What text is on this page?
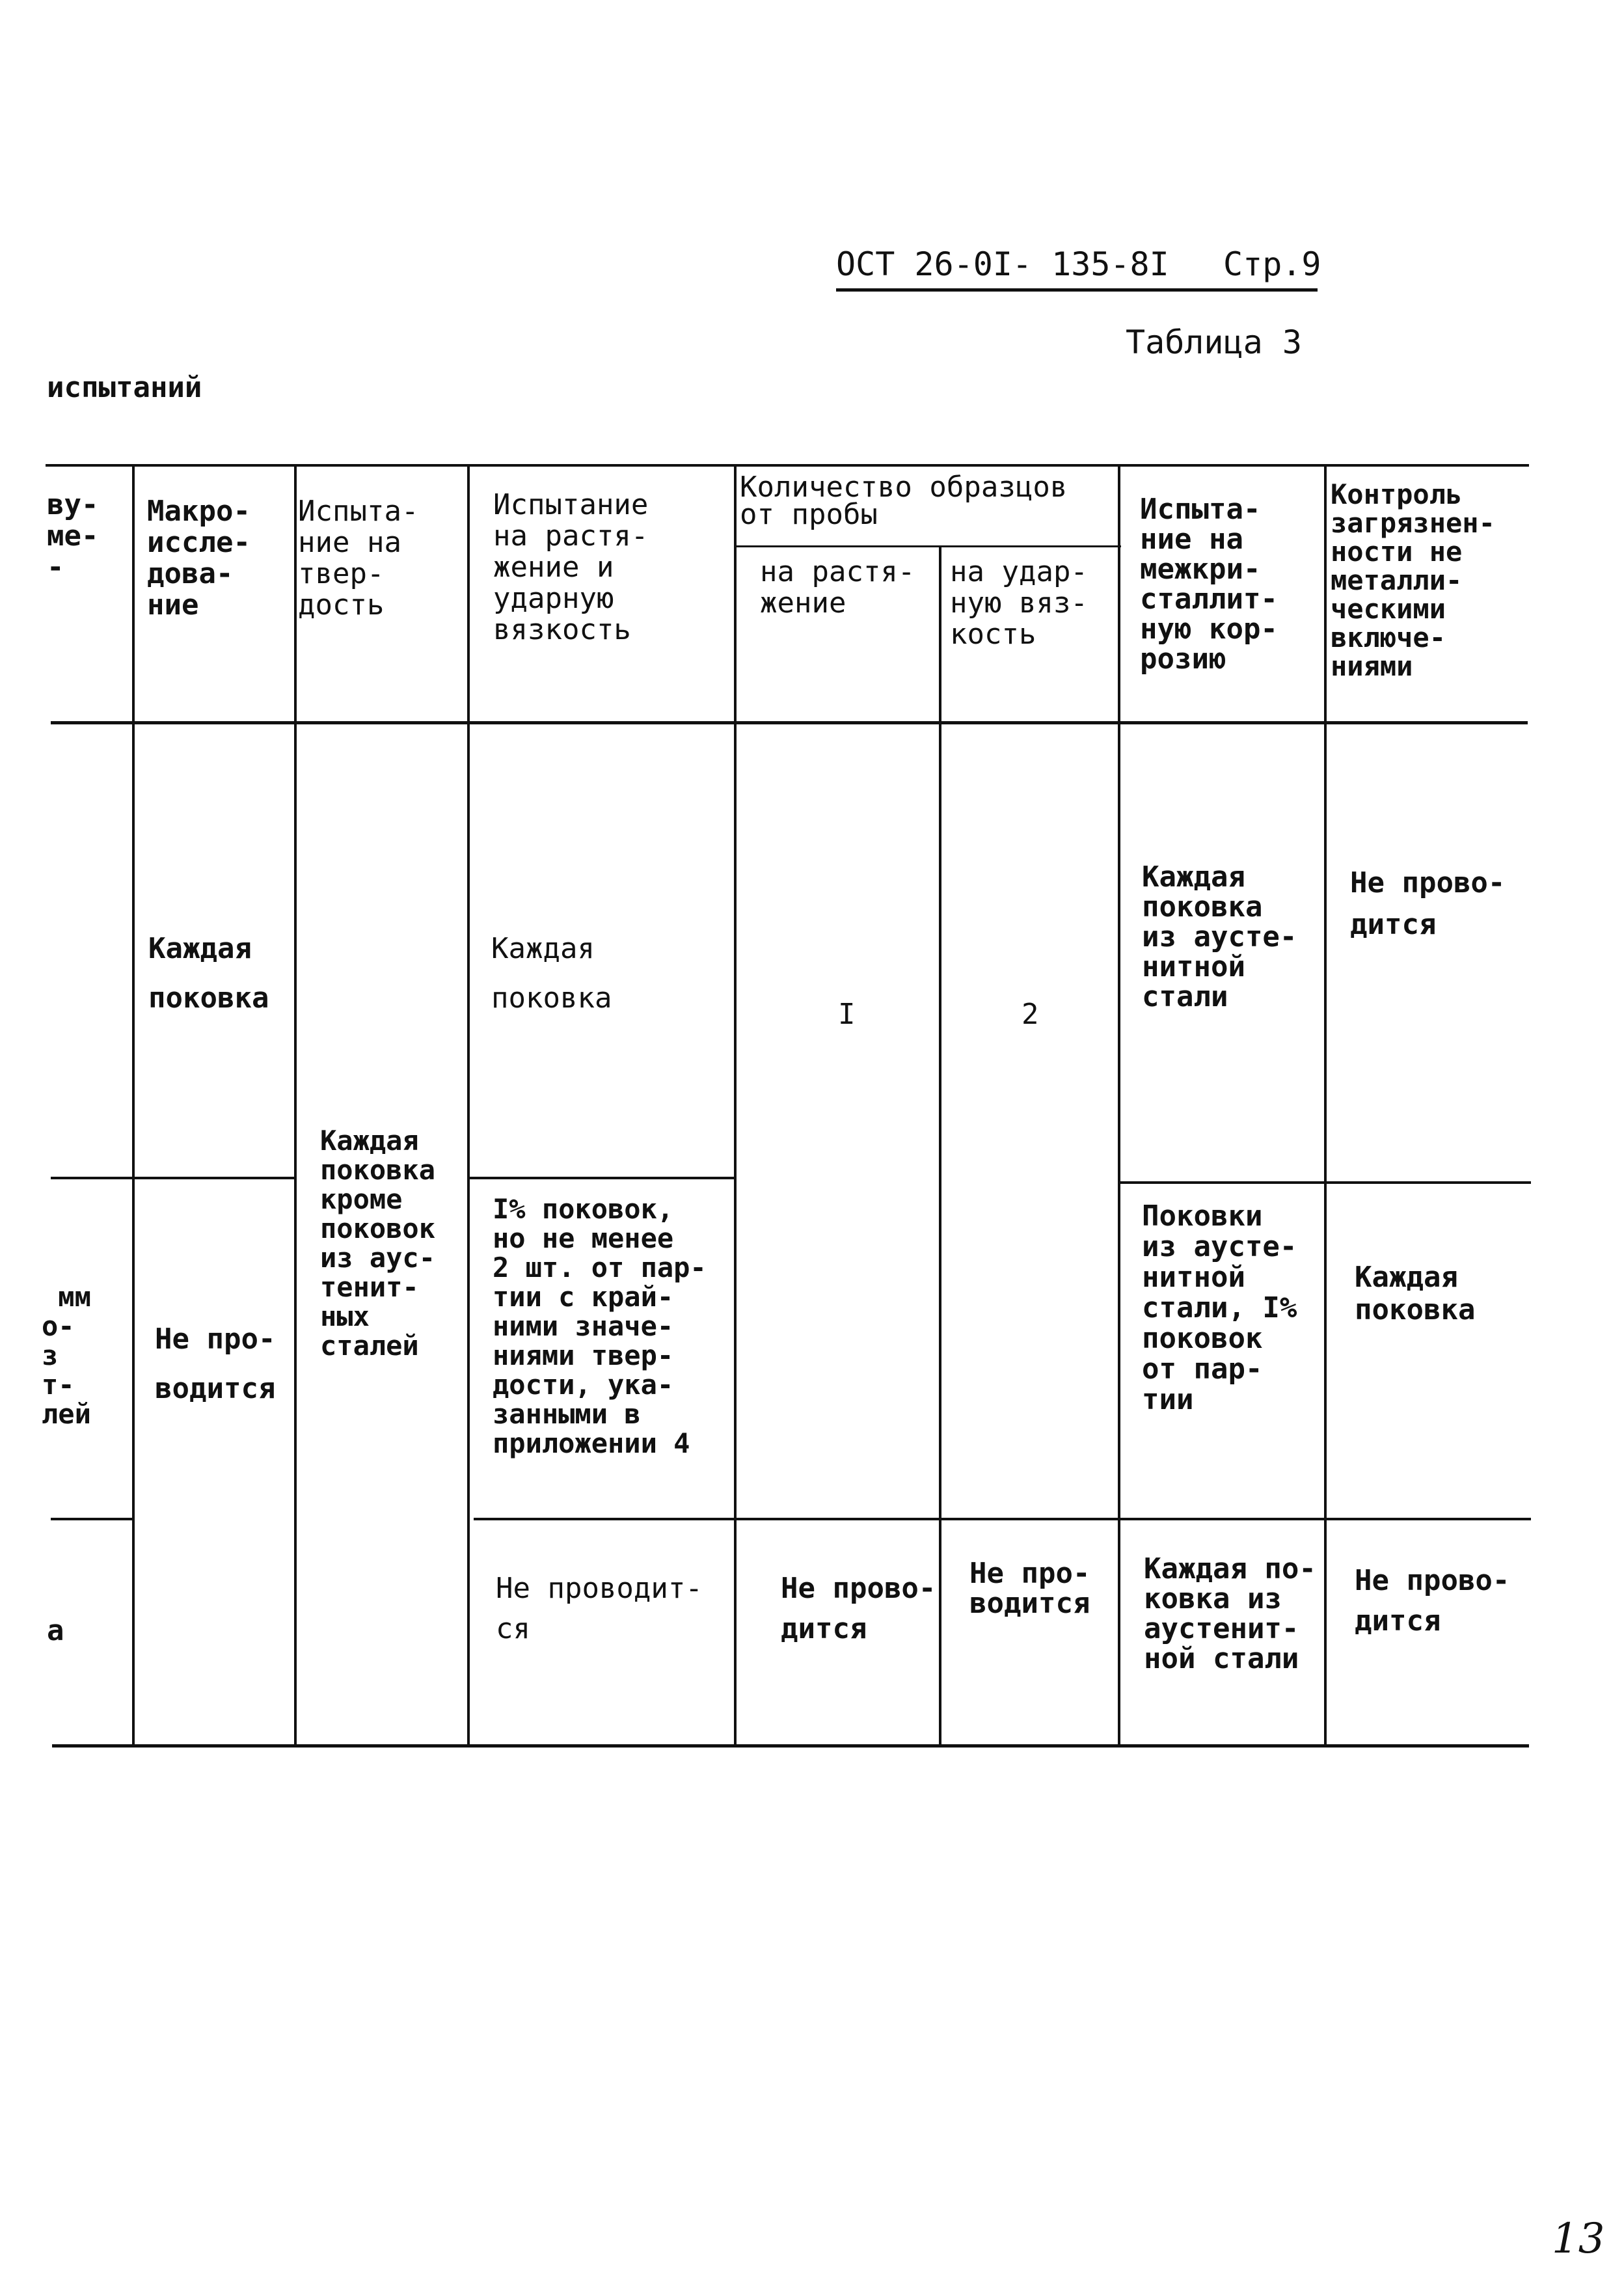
ОСТ 26-0I- 135-8I Стр.9
Таблица 3
испытаний
ву-
ме-
-
Макро-
иссле-
дова-
ние
Испыта-
ние на
твер-
дость
Испытание
на растя-
жение и
ударную
вязкость
Количество образцов
от пробы
на растя-
жение
на удар-
ную вяз-
кость
Испыта-
ние на
межкри-
сталлит-
ную кор-
розию
Контроль
загрязнен-
ности не
металли-
ческими
включе-
ниями
Каждая
поковка
Каждая
поковка	I	2
Каждая
поковка
из аусте-
нитной
стали
Не прово-
дится

мм
о-
з
т-
лей
Не про-
водится
Каждая
поковка
кроме
поковок
из аус-
тенит-
ных
сталей
I% поковок,
но не менее
2 шт. от пар-
тии с край-
ними значе-
ниями твер-
дости, ука-
занными в
приложении 4
Поковки
из аусте-
нитной
стали, I%
поковок
от пар-
тии
Каждая
поковка

а
Не проводит-
ся
Не прово-
дится
Не про-
водится
Каждая по-
ковка из
аустенит-
ной стали
Не прово-
дится
13
